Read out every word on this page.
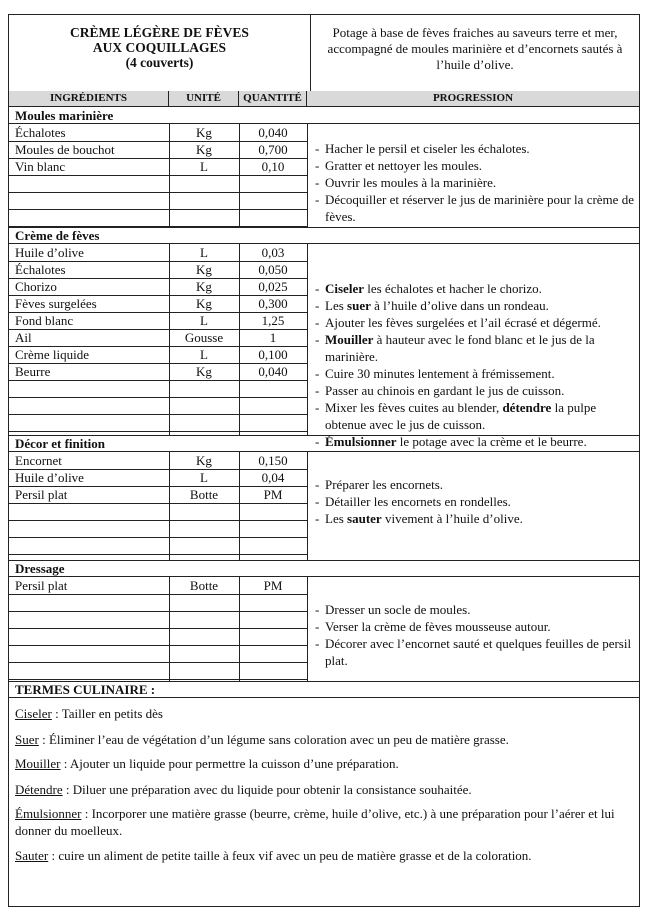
CRÈME LÉGÈRE DE FÈVES
AUX COQUILLAGES
(4 couverts)
Potage à base de fèves fraiches au saveurs terre et mer, accompagné de moules marinière et d’encornets sautés à l’huile d’olive.
INGRÉDIENTS	UNITÉ	QUANTITÉ	PROGRESSION
Moules marinière
Échalotes	Kg	0,040
Moules de bouchot	Kg	0,700
Vin blanc	L	0,10
- Hacher le persil et ciseler les échalotes.
- Gratter et nettoyer les moules.
- Ouvrir les moules à la marinière.
- Décoquiller et réserver le jus de marinière pour la crème de fèves.
Crème de fèves
Huile d’olive	L	0,03
Échalotes	Kg	0,050
Chorizo	Kg	0,025
Fèves surgelées	Kg	0,300
Fond blanc	L	1,25
Ail	Gousse	1
Crème liquide	L	0,100
Beurre	Kg	0,040
- Ciseler les échalotes et hacher le chorizo.
- Les suer à l’huile d’olive dans un rondeau.
- Ajouter les fèves surgelées et l’ail écrasé et dégermé.
- Mouiller à hauteur avec le fond blanc et le jus de la marinière.
- Cuire 30 minutes lentement à frémissement.
- Passer au chinois en gardant le jus de cuisson.
- Mixer les fèves cuites au blender, détendre la pulpe obtenue avec le jus de cuisson.
- Émulsionner le potage avec la crème et le beurre.
Décor et finition
Encornet	Kg	0,150
Huile d’olive	L	0,04
Persil plat	Botte	PM
- Préparer les encornets.
- Détailler les encornets en rondelles.
- Les sauter vivement à l’huile d’olive.
Dressage
Persil plat	Botte	PM
- Dresser un socle de moules.
- Verser la crème de fèves mousseuse autour.
- Décorer avec l’encornet sauté et quelques feuilles de persil plat.
TERMES CULINAIRE :
Ciseler : Tailler en petits dès
Suer : Éliminer l’eau de végétation d’un légume sans coloration avec un peu de matière grasse.
Mouiller : Ajouter un liquide pour permettre la cuisson d’une préparation.
Détendre : Diluer une préparation avec du liquide pour obtenir la consistance souhaitée.
Émulsionner : Incorporer une matière grasse (beurre, crème, huile d’olive, etc.) à une préparation pour l’aérer et lui donner du moelleux.
Sauter : cuire un aliment de petite taille à feux vif avec un peu de matière grasse et de la coloration.
